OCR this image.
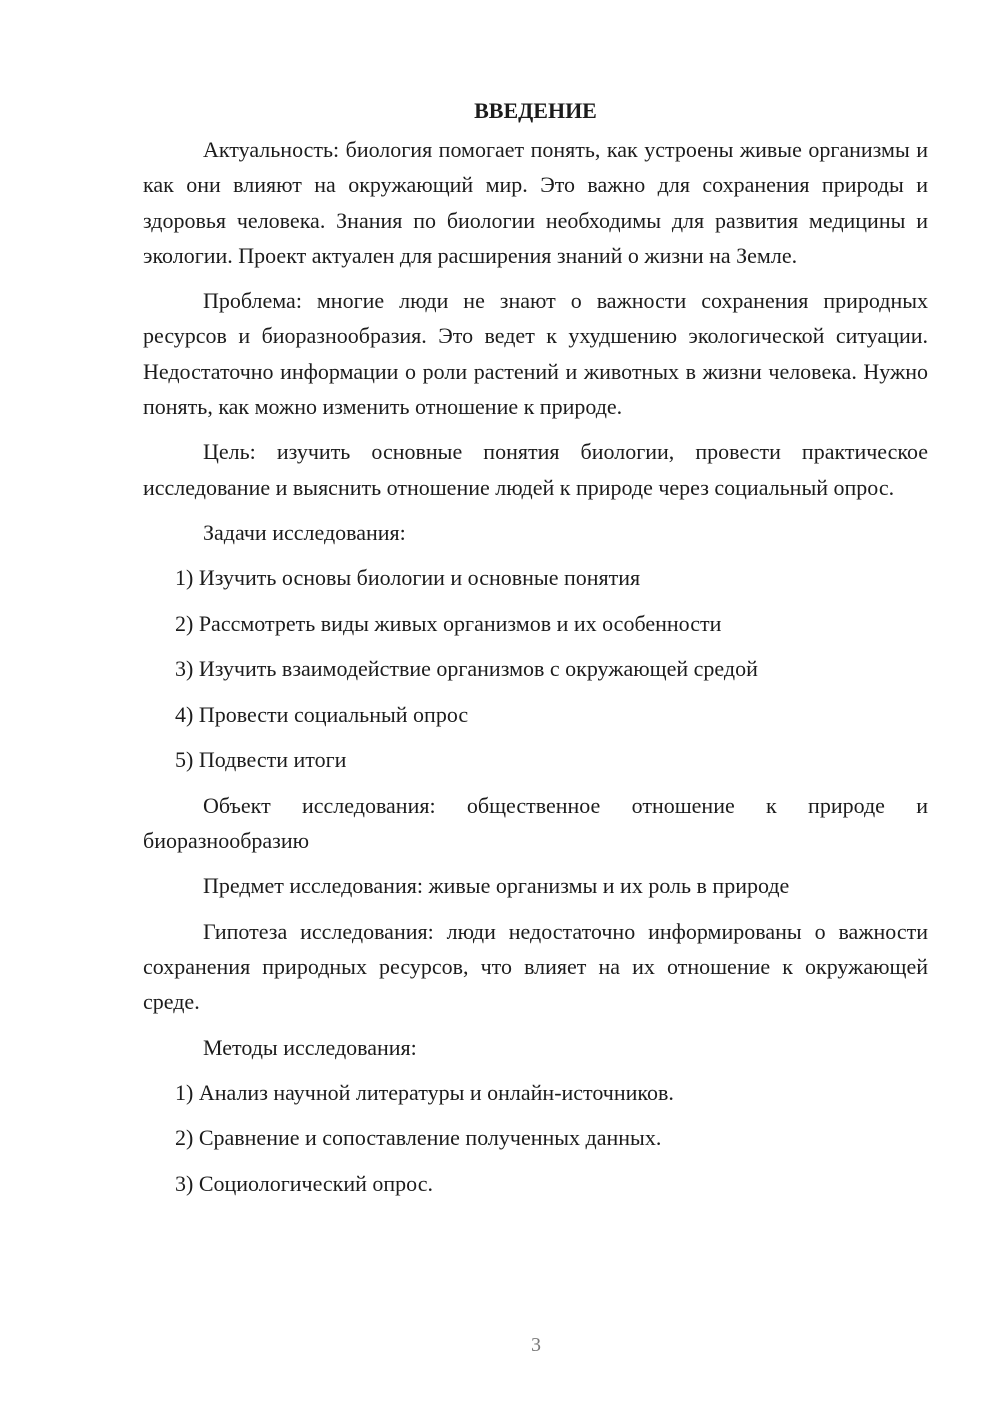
ВВЕДЕНИЕ

Актуальность: биология помогает понять, как устроены живые организмы и как они влияют на окружающий мир. Это важно для сохранения природы и здоровья человека. Знания по биологии необходимы для развития медицины и экологии. Проект актуален для расширения знаний о жизни на Земле.

Проблема: многие люди не знают о важности сохранения природных ресурсов и биоразнообразия. Это ведет к ухудшению экологической ситуации. Недостаточно информации о роли растений и животных в жизни человека. Нужно понять, как можно изменить отношение к природе.

Цель: изучить основные понятия биологии, провести практическое исследование и выяснить отношение людей к природе через социальный опрос.

Задачи исследования:

1) Изучить основы биологии и основные понятия
2) Рассмотреть виды живых организмов и их особенности
3) Изучить взаимодействие организмов с окружающей средой
4) Провести социальный опрос
5) Подвести итоги

Объект исследования: общественное отношение к природе и биоразнообразию

Предмет исследования: живые организмы и их роль в природе

Гипотеза исследования: люди недостаточно информированы о важности сохранения природных ресурсов, что влияет на их отношение к окружающей среде.

Методы исследования:

1) Анализ научной литературы и онлайн-источников.
2) Сравнение и сопоставление полученных данных.
3) Социологический опрос.
3
